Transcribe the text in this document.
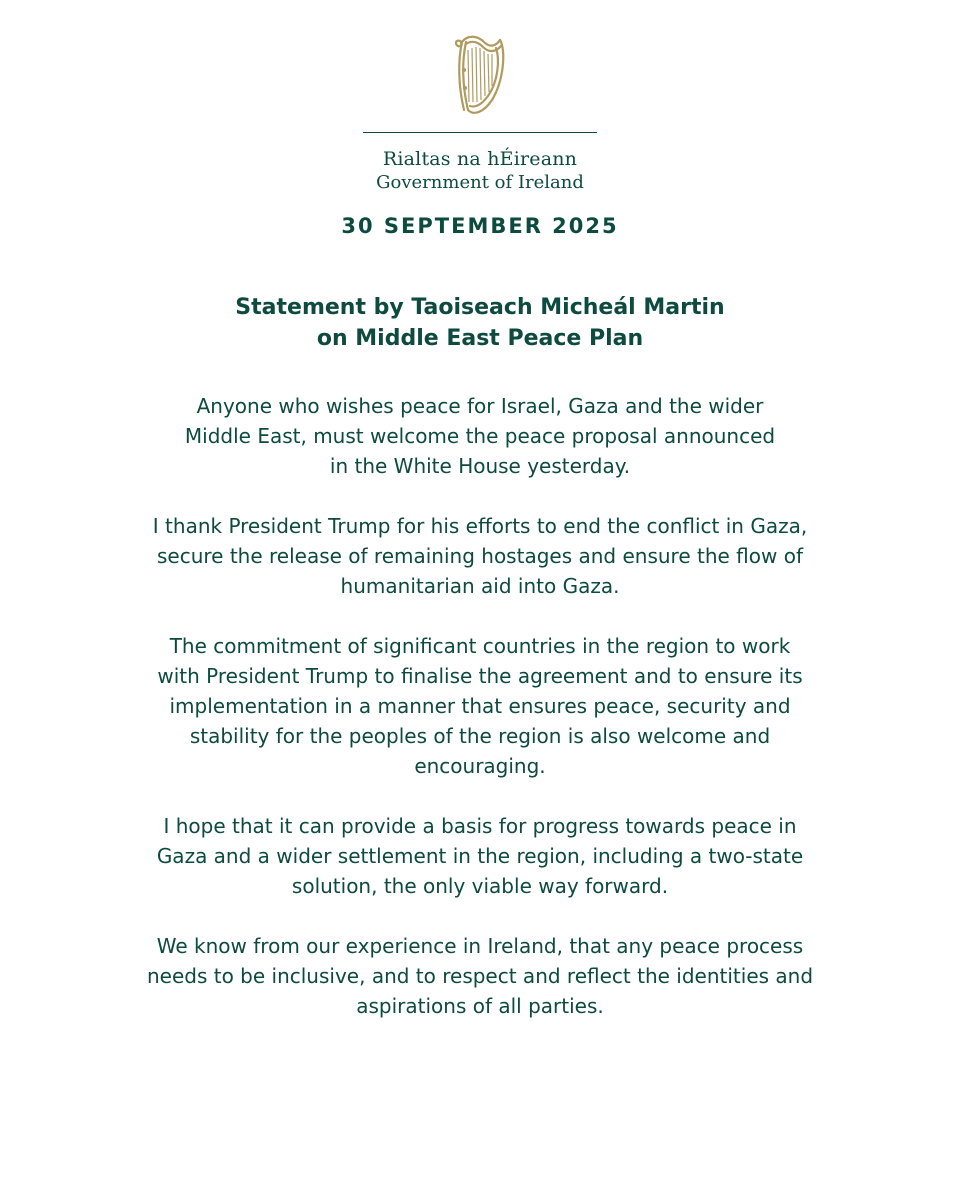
Rialtas na hÉireann
Government of Ireland
30 SEPTEMBER 2025
Statement by Taoiseach Micheál Martin
on Middle East Peace Plan

Anyone who wishes peace for Israel, Gaza and the wider
Middle East, must welcome the peace proposal announced
in the White House yesterday.

I thank President Trump for his efforts to end the conflict in Gaza,
secure the release of remaining hostages and ensure the flow of
humanitarian aid into Gaza.

The commitment of significant countries in the region to work
with President Trump to finalise the agreement and to ensure its
implementation in a manner that ensures peace, security and
stability for the peoples of the region is also welcome and
encouraging.

I hope that it can provide a basis for progress towards peace in
Gaza and a wider settlement in the region, including a two-state
solution, the only viable way forward.

We know from our experience in Ireland, that any peace process
needs to be inclusive, and to respect and reflect the identities and
aspirations of all parties.
